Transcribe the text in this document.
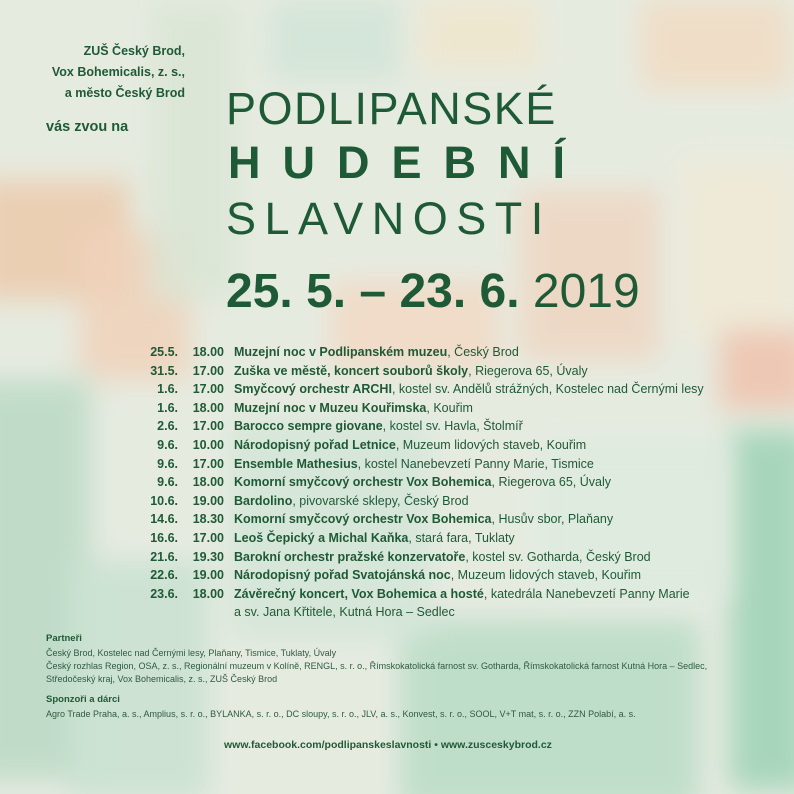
ZUŠ Český Brod,
Vox Bohemicalis, z. s.,
a město Český Brod
vás zvou na PODLIPANSKÉ
HUDEBNÍ
SLAVNOSTI
25. 5. – 23. 6. 2019
25.5.	18.00 Muzejní noc v Podlipanském muzeu, Český Brod
31.5.	17.00 Zuška ve městě, koncert souborů školy, Riegerova 65, Úvaly
1.6.	17.00 Smyčcový orchestr ARCHI, kostel sv. Andělů strážných, Kostelec nad Černými lesy
1.6.	18.00 Muzejní noc v Muzeu Kouřimska, Kouřim
2.6.	17.00 Barocco sempre giovane, kostel sv. Havla, Štolmíř
9.6.	10.00 Národopisný pořad Letnice, Muzeum lidových staveb, Kouřim
9.6.	17.00 Ensemble Mathesius, kostel Nanebevzetí Panny Marie, Tismice
9.6.	18.00 Komorní smyčcový orchestr Vox Bohemica, Riegerova 65, Úvaly
10.6.	19.00 Bardolino, pivovarské sklepy, Český Brod
14.6.	18.30 Komorní smyčcový orchestr Vox Bohemica, Husův sbor, Plaňany
16.6.	17.00 Leoš Čepický a Michal Kaňka, stará fara, Tuklaty
21.6.	19.30 Barokní orchestr pražské konzervatoře, kostel sv. Gotharda, Český Brod
22.6.	19.00 Národopisný pořad Svatojánská noc, Muzeum lidových staveb, Kouřim
23.6.	18.00 Závěrečný koncert, Vox Bohemica a hosté, katedrála Nanebevzetí Panny Marie
a sv. Jana Křtitele, Kutná Hora – Sedlec
Partneři
Český Brod, Kostelec nad Černými lesy, Plaňany, Tismice, Tuklaty, Úvaly
Český rozhlas Region, OSA, z. s., Regionální muzeum v Kolíně, RENGL, s. r. o., Římskokatolická farnost sv. Gotharda, Římskokatolická farnost Kutná Hora – Sedlec,
Středočeský kraj, Vox Bohemicalis, z. s., ZUŠ Český Brod
Sponzoři a dárci
Agro Trade Praha, a. s., Amplius, s. r. o., BYLANKA, s. r. o., DC sloupy, s. r. o., JLV, a. s., Konvest, s. r. o., SOOL, V+T mat, s. r. o., ZZN Polabí, a. s.
www.facebook.com/podlipanskeslavnosti • www.zusceskybrod.cz
